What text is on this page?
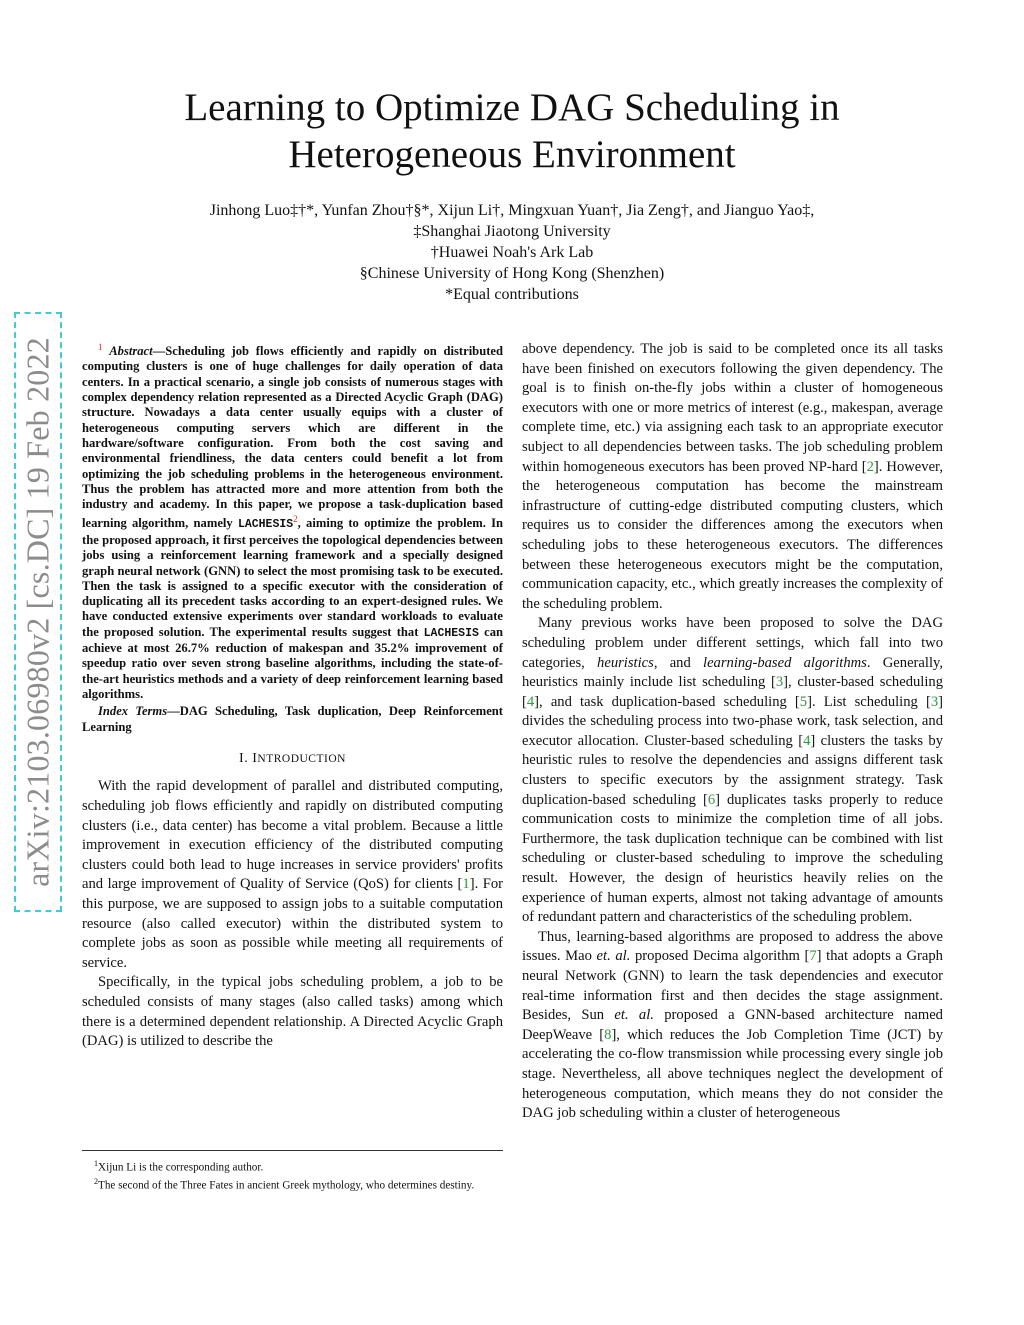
arXiv:2103.06980v2 [cs.DC] 19 Feb 2022
Learning to Optimize DAG Scheduling in Heterogeneous Environment
Jinhong Luo‡†*, Yunfan Zhou†§*, Xijun Li†, Mingxuan Yuan†, Jia Zeng†, and Jianguo Yao‡,
‡Shanghai Jiaotong University
†Huawei Noah's Ark Lab
§Chinese University of Hong Kong (Shenzhen)
*Equal contributions

$^1$ Abstract—Scheduling job flows efficiently and rapidly on distributed computing clusters is one of huge challenges for daily operation of data centers. In a practical scenario, a single job consists of numerous stages with complex dependency relation represented as a Directed Acyclic Graph (DAG) structure. Nowadays a data center usually equips with a cluster of heterogeneous computing servers which are different in the hardware/software configuration. From both the cost saving and environmental friendliness, the data centers could benefit a lot from optimizing the job scheduling problems in the heterogeneous environment. Thus the problem has attracted more and more attention from both the industry and academy. In this paper, we propose a task-duplication based learning algorithm, namely LACHESIS$^2$, aiming to optimize the problem. In the proposed approach, it first perceives the topological dependencies between jobs using a reinforcement learning framework and a specially designed graph neural network (GNN) to select the most promising task to be executed. Then the task is assigned to a specific executor with the consideration of duplicating all its precedent tasks according to an expert-designed rules. We have conducted extensive experiments over standard workloads to evaluate the proposed solution. The experimental results suggest that LACHESIS can achieve at most 26.7% reduction of makespan and 35.2% improvement of speedup ratio over seven strong baseline algorithms, including the state-of-the-art heuristics methods and a variety of deep reinforcement learning based algorithms.

Index Terms—DAG Scheduling, Task duplication, Deep Reinforcement Learning

I. INTRODUCTION

With the rapid development of parallel and distributed computing, scheduling job flows efficiently and rapidly on distributed computing clusters (i.e., data center) has become a vital problem. Because a little improvement in execution efficiency of the distributed computing clusters could both lead to huge increases in service providers' profits and large improvement of Quality of Service (QoS) for clients [1]. For this purpose, we are supposed to assign jobs to a suitable computation resource (also called executor) within the distributed system to complete jobs as soon as possible while meeting all requirements of service.

Specifically, in the typical jobs scheduling problem, a job to be scheduled consists of many stages (also called tasks) among which there is a determined dependent relationship. A Directed Acyclic Graph (DAG) is utilized to describe the

above dependency. The job is said to be completed once its all tasks have been finished on executors following the given dependency. The goal is to finish on-the-fly jobs within a cluster of homogeneous executors with one or more metrics of interest (e.g., makespan, average complete time, etc.) via assigning each task to an appropriate executor subject to all dependencies between tasks. The job scheduling problem within homogeneous executors has been proved NP-hard [2]. However, the heterogeneous computation has become the mainstream infrastructure of cutting-edge distributed computing clusters, which requires us to consider the differences among the executors when scheduling jobs to these heterogeneous executors. The differences between these heterogeneous executors might be the computation, communication capacity, etc., which greatly increases the complexity of the scheduling problem.

Many previous works have been proposed to solve the DAG scheduling problem under different settings, which fall into two categories, heuristics, and learning-based algorithms. Generally, heuristics mainly include list scheduling [3], cluster-based scheduling [4], and task duplication-based scheduling [5]. List scheduling [3] divides the scheduling process into two-phase work, task selection, and executor allocation. Cluster-based scheduling [4] clusters the tasks by heuristic rules to resolve the dependencies and assigns different task clusters to specific executors by the assignment strategy. Task duplication-based scheduling [6] duplicates tasks properly to reduce communication costs to minimize the completion time of all jobs. Furthermore, the task duplication technique can be combined with list scheduling or cluster-based scheduling to improve the scheduling result. However, the design of heuristics heavily relies on the experience of human experts, almost not taking advantage of amounts of redundant pattern and characteristics of the scheduling problem.

Thus, learning-based algorithms are proposed to address the above issues. Mao et. al. proposed Decima algorithm [7] that adopts a Graph neural Network (GNN) to learn the task dependencies and executor real-time information first and then decides the stage assignment. Besides, Sun et. al. proposed a GNN-based architecture named DeepWeave [8], which reduces the Job Completion Time (JCT) by accelerating the co-flow transmission while processing every single job stage. Nevertheless, all above techniques neglect the development of heterogeneous computation, which means they do not consider the DAG job scheduling within a cluster of heterogeneous

$^1$Xijun Li is the corresponding author.

$^2$The second of the Three Fates in ancient Greek mythology, who determines destiny.
